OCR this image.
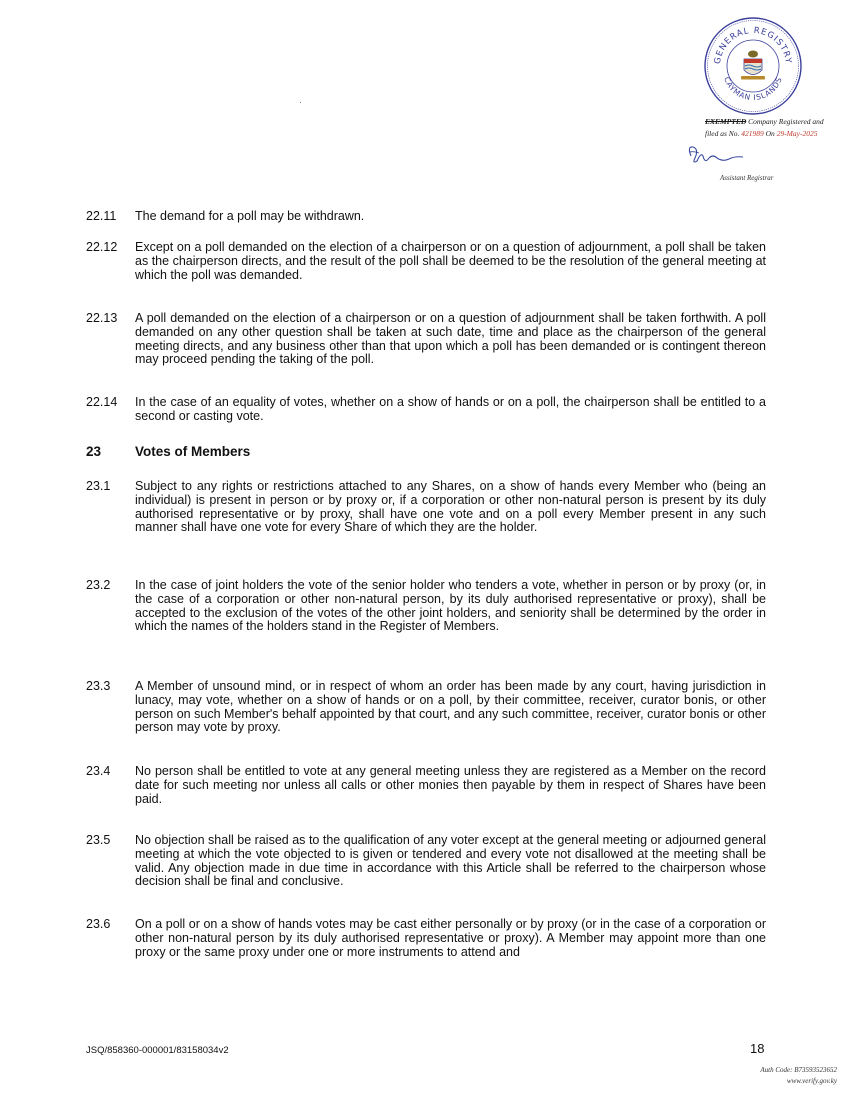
GENERAL REGISTRY
CAYMAN ISLANDS
EXEMPTED Company Registered and
filed as No. 421989 On 29-May-2025
Assistant Registrar
22.11 The demand for a poll may be withdrawn.
22.12 Except on a poll demanded on the election of a chairperson or on a question of adjournment, a poll shall be taken as the chairperson directs, and the result of the poll shall be deemed to be the resolution of the general meeting at which the poll was demanded.
22.13 A poll demanded on the election of a chairperson or on a question of adjournment shall be taken forthwith. A poll demanded on any other question shall be taken at such date, time and place as the chairperson of the general meeting directs, and any business other than that upon which a poll has been demanded or is contingent thereon may proceed pending the taking of the poll.
22.14 In the case of an equality of votes, whether on a show of hands or on a poll, the chairperson shall be entitled to a second or casting vote.
23	Votes of Members
23.1 Subject to any rights or restrictions attached to any Shares, on a show of hands every Member who (being an individual) is present in person or by proxy or, if a corporation or other non-natural person is present by its duly authorised representative or by proxy, shall have one vote and on a poll every Member present in any such manner shall have one vote for every Share of which they are the holder.
23.2 In the case of joint holders the vote of the senior holder who tenders a vote, whether in person or by proxy (or, in the case of a corporation or other non-natural person, by its duly authorised representative or proxy), shall be accepted to the exclusion of the votes of the other joint holders, and seniority shall be determined by the order in which the names of the holders stand in the Register of Members.
23.3 A Member of unsound mind, or in respect of whom an order has been made by any court, having jurisdiction in lunacy, may vote, whether on a show of hands or on a poll, by their committee, receiver, curator bonis, or other person on such Member's behalf appointed by that court, and any such committee, receiver, curator bonis or other person may vote by proxy.
23.4 No person shall be entitled to vote at any general meeting unless they are registered as a Member on the record date for such meeting nor unless all calls or other monies then payable by them in respect of Shares have been paid.
23.5 No objection shall be raised as to the qualification of any voter except at the general meeting or adjourned general meeting at which the vote objected to is given or tendered and every vote not disallowed at the meeting shall be valid. Any objection made in due time in accordance with this Article shall be referred to the chairperson whose decision shall be final and conclusive.
23.6 On a poll or on a show of hands votes may be cast either personally or by proxy (or in the case of a corporation or other non-natural person by its duly authorised representative or proxy). A Member may appoint more than one proxy or the same proxy under one or more instruments to attend and
JSQ/858360-000001/83158034v2	18
Auth Code: B73593523652
www.verify.gov.ky
